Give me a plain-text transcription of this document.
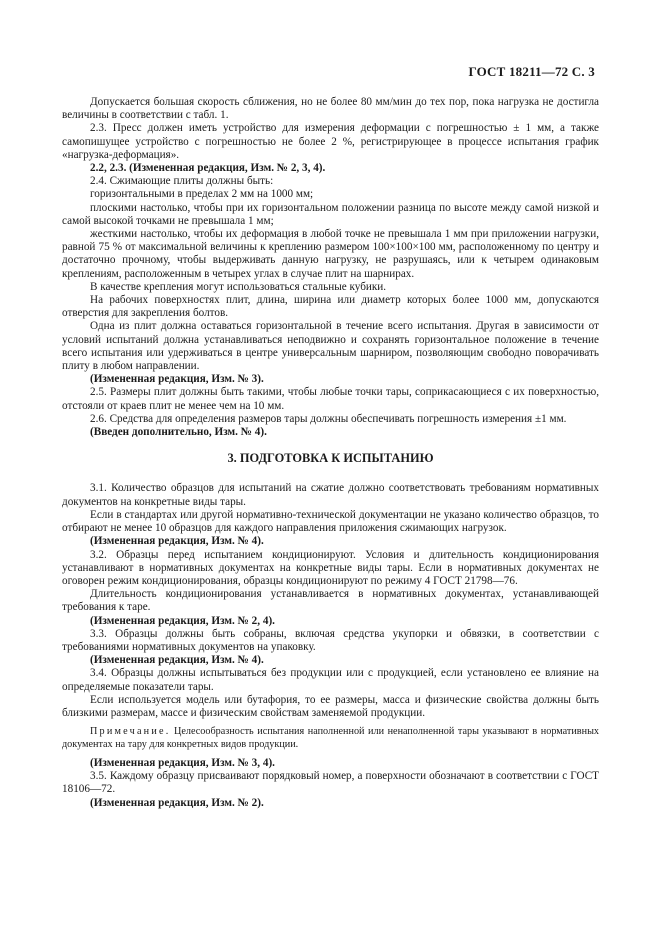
ГОСТ 18211—72 С. 3

Допускается большая скорость сближения, но не более 80 мм/мин до тех пор, пока нагрузка не достигла величины в соответствии с табл. 1.

2.3. Пресс должен иметь устройство для измерения деформации с погрешностью ± 1 мм, а также самопишущее устройство с погрешностью не более 2 %, регистрирующее в процессе испытания график «нагрузка-деформация».

2.2, 2.3. (Измененная редакция, Изм. № 2, 3, 4).

2.4. Сжимающие плиты должны быть:

горизонтальными в пределах 2 мм на 1000 мм;

плоскими настолько, чтобы при их горизонтальном положении разница по высоте между самой низкой и самой высокой точками не превышала 1 мм;

жесткими настолько, чтобы их деформация в любой точке не превышала 1 мм при приложении нагрузки, равной 75 % от максимальной величины к креплению размером 100×100×100 мм, расположенному по центру и достаточно прочному, чтобы выдерживать данную нагрузку, не разрушаясь, или к четырем одинаковым креплениям, расположенным в четырех углах в случае плит на шарнирах.

В качестве крепления могут использоваться стальные кубики.

На рабочих поверхностях плит, длина, ширина или диаметр которых более 1000 мм, допускаются отверстия для закрепления болтов.

Одна из плит должна оставаться горизонтальной в течение всего испытания. Другая в зависимости от условий испытаний должна устанавливаться неподвижно и сохранять горизонтальное положение в течение всего испытания или удерживаться в центре универсальным шарниром, позволяющим свободно поворачивать плиту в любом направлении.

(Измененная редакция, Изм. № 3).

2.5. Размеры плит должны быть такими, чтобы любые точки тары, соприкасающиеся с их поверхностью, отстояли от краев плит не менее чем на 10 мм.

2.6. Средства для определения размеров тары должны обеспечивать погрешность измерения ±1 мм.

(Введен дополнительно, Изм. № 4).

3. ПОДГОТОВКА К ИСПЫТАНИЮ

3.1. Количество образцов для испытаний на сжатие должно соответствовать требованиям нормативных документов на конкретные виды тары.

Если в стандартах или другой нормативно-технической документации не указано количество образцов, то отбирают не менее 10 образцов для каждого направления приложения сжимающих нагрузок.

(Измененная редакция, Изм. № 4).

3.2. Образцы перед испытанием кондиционируют. Условия и длительность кондиционирования устанавливают в нормативных документах на конкретные виды тары. Если в нормативных документах не оговорен режим кондиционирования, образцы кондиционируют по режиму 4 ГОСТ 21798—76.

Длительность кондиционирования устанавливается в нормативных документах, устанавливающей требования к таре.

(Измененная редакция, Изм. № 2, 4).

3.3. Образцы должны быть собраны, включая средства укупорки и обвязки, в соответствии с требованиями нормативных документов на упаковку.

(Измененная редакция, Изм. № 4).

3.4. Образцы должны испытываться без продукции или с продукцией, если установлено ее влияние на определяемые показатели тары.

Если используется модель или бутафория, то ее размеры, масса и физические свойства должны быть близкими размерам, массе и физическим свойствам заменяемой продукции.

Примечание. Целесообразность испытания наполненной или ненаполненной тары указывают в нормативных документах на тару для конкретных видов продукции.

(Измененная редакция, Изм. № 3, 4).

3.5. Каждому образцу присваивают порядковый номер, а поверхности обозначают в соответствии с ГОСТ 18106—72.

(Измененная редакция, Изм. № 2).
